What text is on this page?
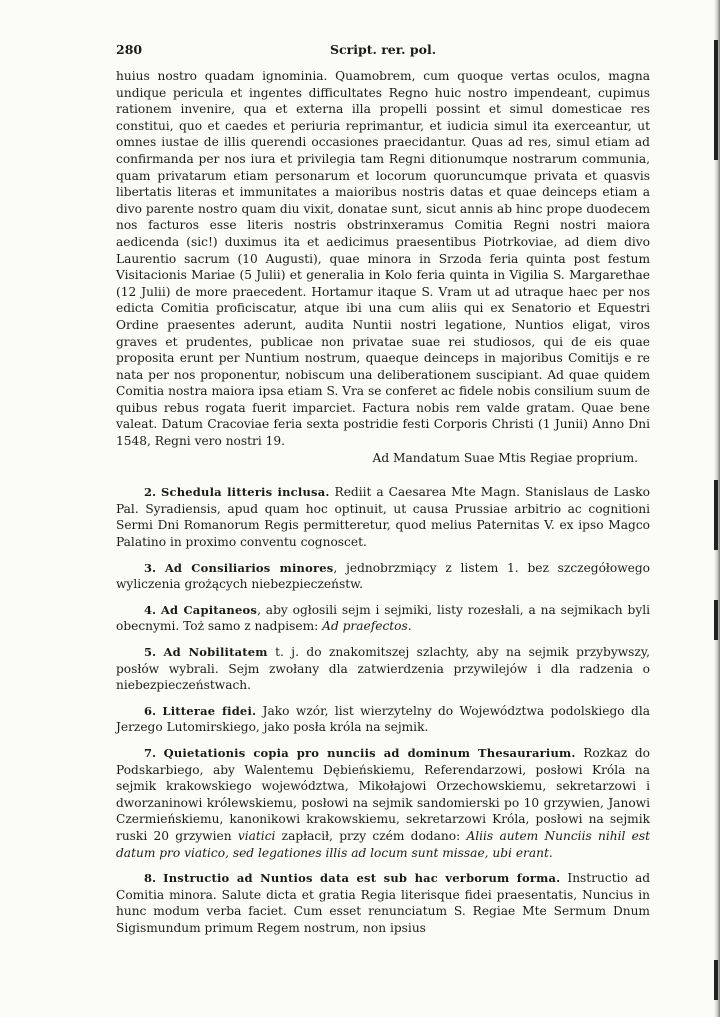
280	Script. rer. pol.

huius nostro quadam ignominia. Quamobrem, cum quoque vertas oculos, magna undique pericula et ingentes difficultates Regno huic nostro impendeant, cupimus rationem invenire, qua et externa illa propelli possint et simul domesticae res constitui, quo et caedes et periuria reprimantur, et iudicia simul ita exerceantur, ut omnes iustae de illis querendi occasiones praecidantur. Quas ad res, simul etiam ad confirmanda per nos iura et privilegia tam Regni ditionumque nostrarum communia, quam privatarum etiam personarum et locorum quoruncumque privata et quasvis libertatis literas et immunitates a maioribus nostris datas et quae deinceps etiam a divo parente nostro quam diu vixit, donatae sunt, sicut annis ab hinc prope duodecem nos facturos esse literis nostris obstrinxeramus Comitia Regni nostri maiora aedicenda (sic!) duximus ita et aedicimus praesentibus Piotrkoviae, ad diem divo Laurentio sacrum (10 Augusti), quae minora in Srzoda feria quinta post festum Visitacionis Mariae (5 Julii) et generalia in Kolo feria quinta in Vigilia S. Margarethae (12 Julii) de more praecedent. Hortamur itaque S. Vram ut ad utraque haec per nos edicta Comitia proficiscatur, atque ibi una cum aliis qui ex Senatorio et Equestri Ordine praesentes aderunt, audita Nuntii nostri legatione, Nuntios eligat, viros graves et prudentes, publicae non privatae suae rei studiosos, qui de eis quae proposita erunt per Nuntium nostrum, quaeque deinceps in majoribus Comitijs e re nata per nos proponentur, nobiscum una deliberationem suscipiant. Ad quae quidem Comitia nostra maiora ipsa etiam S. Vra se conferet ac fidele nobis consilium suum de quibus rebus rogata fuerit imparciet. Factura nobis rem valde gratam. Quae bene valeat. Datum Cracoviae feria sexta postridie festi Corporis Christi (1 Junii) Anno Dni 1548, Regni vero nostri 19.

Ad Mandatum Suae Mtis Regiae proprium.

2. Schedula litteris inclusa. Rediit a Caesarea Mte Magn. Stanislaus de Lasko Pal. Syradiensis, apud quam hoc optinuit, ut causa Prussiae arbitrio ac cognitioni Sermi Dni Romanorum Regis permitteretur, quod melius Paternitas V. ex ipso Magco Palatino in proximo conventu cognoscet.

3. Ad Consiliarios minores, jednobrzmiący z listem 1. bez szczegółowego wyliczenia grożących niebezpieczeństw.

4. Ad Capitaneos, aby ogłosili sejm i sejmiki, listy rozesłali, a na sejmikach byli obecnymi. Toż samo z nadpisem: Ad praefectos.

5. Ad Nobilitatem t. j. do znakomitszej szlachty, aby na sejmik przybywszy, posłów wybrali. Sejm zwołany dla zatwierdzenia przywilejów i dla radzenia o niebezpieczeństwach.

6. Litterae fidei. Jako wzór, list wierzytelny do Województwa podolskiego dla Jerzego Lutomirskiego, jako posła króla na sejmik.

7. Quietationis copia pro nunciis ad dominum Thesaurarium. Rozkaz do Podskarbiego, aby Walentemu Dębieńskiemu, Referendarzowi, posłowi Króla na sejmik krakowskiego województwa, Mikołajowi Orzechowskiemu, sekretarzowi i dworzaninowi królewskiemu, posłowi na sejmik sandomierski po 10 grzywien, Janowi Czermieńskiemu, kanonikowi krakowskiemu, sekretarzowi Króla, posłowi na sejmik ruski 20 grzywien viatici zapłacił, przy czém dodano: Aliis autem Nunciis nihil est datum pro viatico, sed legationes illis ad locum sunt missae, ubi erant.

8. Instructio ad Nuntios data est sub hac verborum forma. Instructio ad Comitia minora. Salute dicta et gratia Regia literisque fidei praesentatis, Nuncius in hunc modum verba faciet. Cum esset renunciatum S. Regiae Mte Sermum Dnum Sigismundum primum Regem nostrum, non ipsius
